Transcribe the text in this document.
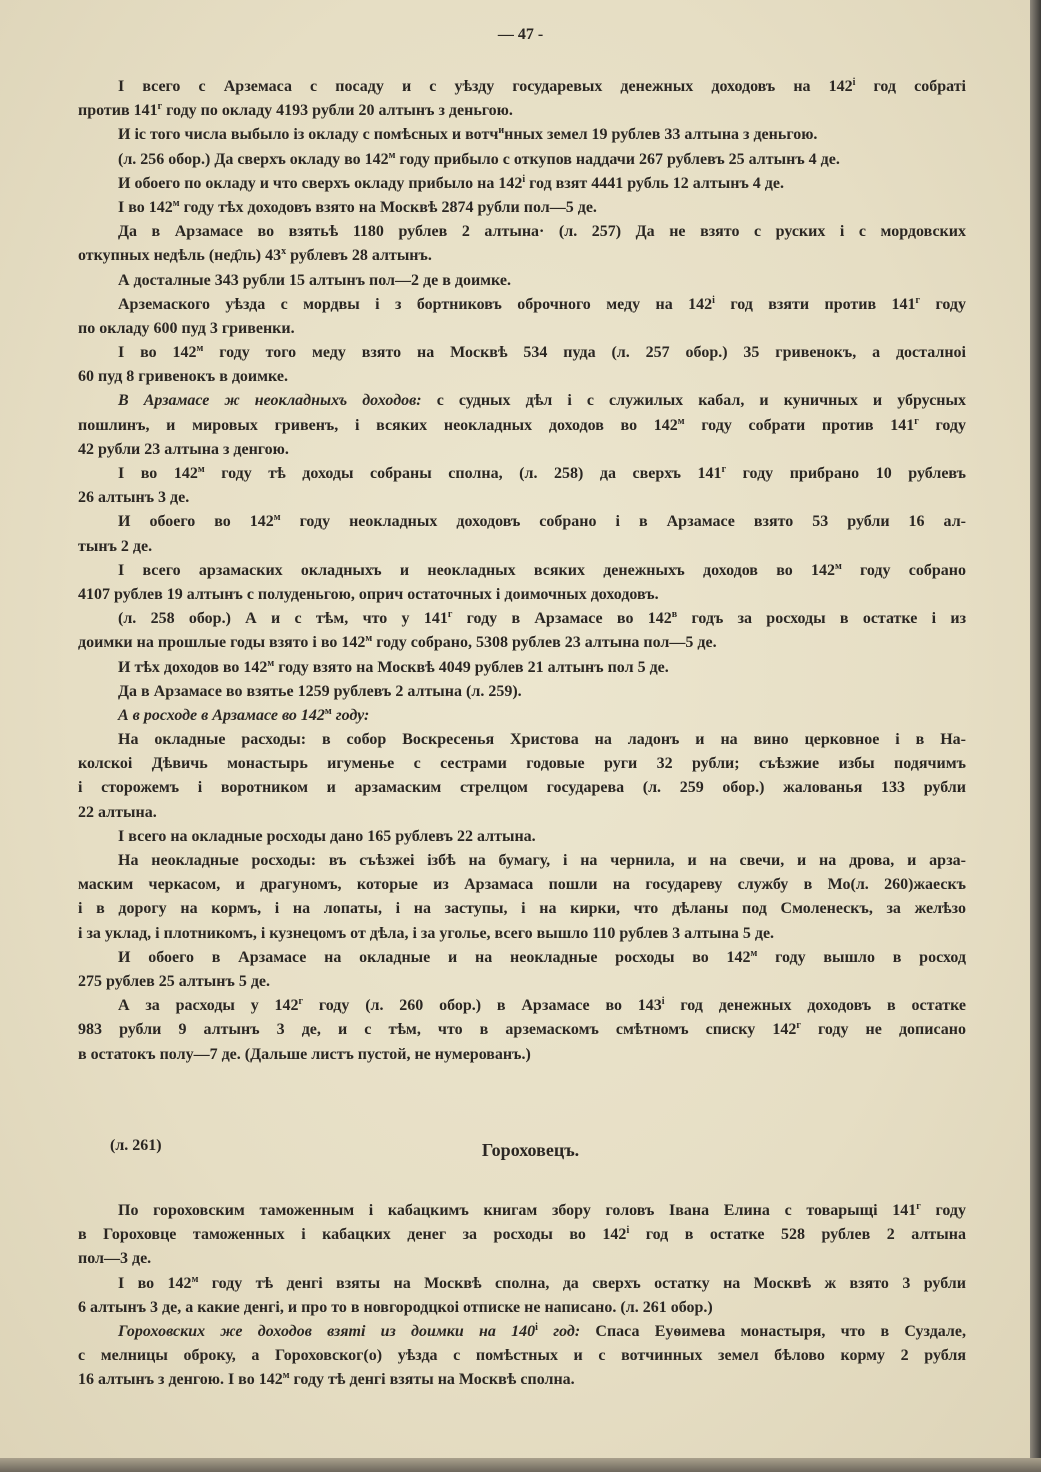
— 47 -
I всего с Арземаса с посаду и с уѣзду государевых денежных доходовъ на 142$^i$ год собраті
против $141^г$ году по окладу 4193 рубли 20 алтынъ з деньгою.
И iс того числа выбыло iз окладу с помѣсных и вотч$^и$нных земел 19 рублев 33 алтына з деньгою.
(л. 256 обор.) Да сверхъ окладу во $142^м$ году прибыло с откупов наддачи 267 рублевъ 25 алтынъ 4 де.
И обоего по окладу и что сверхъ окладу прибыло на 142$^i$ год взят 4441 рубль 12 алтынъ 4 де.
I во $142^м$ году тѣх доходовъ взято на Москвѣ 2874 рубли пол—5 де.
Да в Арзамасе во взятьѣ 1180 рублев 2 алтына· (л. 257) Да не взято с руских i с мордовских
откупных недѣль (нед҄ль) $43^х$ рублевъ 28 алтынъ.
А досталные 343 рубли 15 алтынъ пол—2 де в доимке.
Арземаского уѣзда с мордвы i з бортниковъ оброчного меду на 142$^i$ год взяти против $141^г$ году
по окладу 600 пуд 3 гривенки.
I во $142^м$ году того меду взято на Москвѣ 534 пуда (л. 257 обор.) 35 гривенокъ, а досталноi
60 пуд 8 гривенокъ в доимке.
В Арзамасе ж неокладныхъ доходов: с судных дѣл i с служилых кабал, и куничных и убрусных
пошлинъ, и мировых гривенъ, i всяких неокладных доходов во $142^м$ году собрати против $141^г$ году
42 рубли 23 алтына з денгою.
I во $142^м$ году тѣ доходы собраны сполна, (л. 258) да сверхъ $141^г$ году прибрано 10 рублевъ
26 алтынъ 3 де.
И обоего во $142^м$ году неокладных доходовъ собрано i в Арзамасе взято 53 рубли 16 ал-
тынъ 2 де.
I всего арзамаских окладныхъ и неокладных всяких денежныхъ доходов во $142^м$ году собрано
4107 рублев 19 алтынъ с полуденьгою, оприч остаточных i доимочных доходовъ.
(л. 258 обор.) А и с тѣм, что у $141^г$ году в Арзамасе во $142^в$ годъ за росходы в остатке i из
доимки на прошлые годы взято i во $142^м$ году собрано, 5308 рублев 23 алтына пол—5 де.
И тѣх доходов во $142^м$ году взято на Москвѣ 4049 рублев 21 алтынъ пол 5 де.
Да в Арзамасе во взятье 1259 рублевъ 2 алтына (л. 259).
А в росходе в Арзамасе во $142^м$ году:
На окладные расходы: в собор Воскресенья Христова на ладонъ и на вино церковное i в На-
колскоi Дѣвичь монастырь игуменье с сестрами годовые руги 32 рубли; съѣзжие избы подячимъ
i сторожемъ i воротником и арзамаским стрелцом государева (л. 259 обор.) жалованья 133 рубли
22 алтына.
I всего на окладные росходы дано 165 рублевъ 22 алтына.
На неокладные росходы: въ съѣзжеi iзбѣ на бумагу, i на чернила, и на свечи, и на дрова, и арза-
маским черкасом, и драгуномъ, которые из Арзамаса пошли на государеву службу в Мо(л. 260)жаескъ
i в дорогу на кормъ, i на лопаты, i на заступы, i на кирки, что дѣланы под Смоленескъ, за желѣзо
i за уклад, i плотникомъ, i кузнецомъ от дѣла, i за уголье, всего вышло 110 рублев 3 алтына 5 де.
И обоего в Арзамасе на окладные и на неокладные росходы во $142^м$ году вышло в росход
275 рублев 25 алтынъ 5 де.
А за расходы у $142^г$ году (л. 260 обор.) в Арзамасе во 143$^i$ год денежных доходовъ в остатке
983 рубли 9 алтынъ 3 де, и с тѣм, что в арземаскомъ смѣтномъ списку $142^г$ году не дописано
в остатокъ полу—7 де. (Дальше листъ пустой, не нумерованъ.)
(л. 261)	Гороховецъ.
По гороховским таможенным i кабацкимъ книгам збору головъ Iвана Елина с товарыщі $141^г$ году
в Гороховце таможенных i кабацких денег за росходы во 142$^i$ год в остатке 528 рублев 2 алтына
пол—3 де.
I во $142^м$ году тѣ денгі взяты на Москвѣ сполна, да сверхъ остатку на Москвѣ ж взято 3 рубли
6 алтынъ 3 де, а какие денгі, и про то в новгородцкоi отписке не написано. (л. 261 обор.)
Гороховских же доходов взяті из доимки на 140$^i$ год: Спаса Еуѳимева монастыря, что в Суздале,
с мелницы оброку, а Гороховског(о) уѣзда с помѣстных и с вотчинных земел бѣлово корму 2 рубля
16 алтынъ з денгою. I во $142^м$ году тѣ денгі взяты на Москвѣ сполна.
